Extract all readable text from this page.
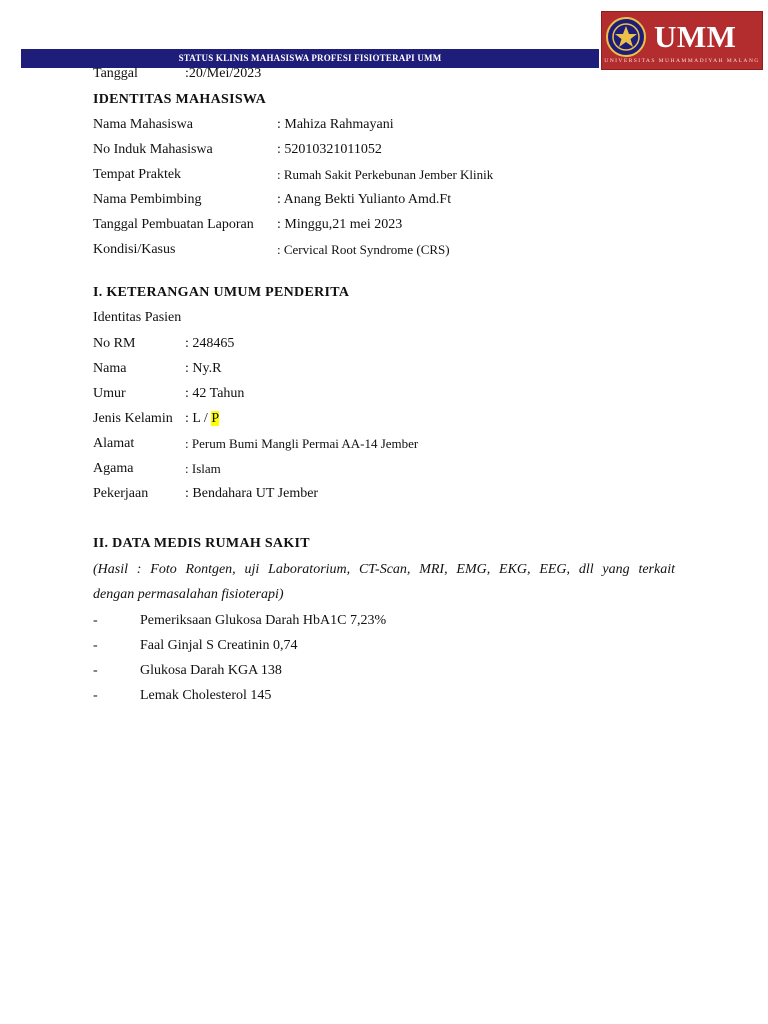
STATUS KLINIS MAHASISWA PROFESI FISIOTERAPI UMM
UMM
UNIVERSITAS MUHAMMADIYAH MALANG
Tanggal	:20/Mei/2023
IDENTITAS MAHASISWA
Nama Mahasiswa	: Mahiza Rahmayani
No Induk Mahasiswa	: 52010321011052
Tempat Praktek	: Rumah Sakit Perkebunan Jember Klinik
Nama Pembimbing	: Anang Bekti Yulianto Amd.Ft
Tanggal Pembuatan Laporan : Minggu,21 mei 2023
Kondisi/Kasus	: Cervical Root Syndrome (CRS)
I. KETERANGAN UMUM PENDERITA
Identitas Pasien
No RM	: 248465
Nama	: Ny.R
Umur	: 42 Tahun
Jenis Kelamin : L / P
Alamat	: Perum Bumi Mangli Permai AA-14 Jember
Agama	: Islam
Pekerjaan	: Bendahara UT Jember
II. DATA MEDIS RUMAH SAKIT
(Hasil : Foto Rontgen, uji Laboratorium, CT-Scan, MRI, EMG, EKG, EEG, dll yang terkait
dengan permasalahan fisioterapi)
-	Pemeriksaan Glukosa Darah HbA1C 7,23%
-	Faal Ginjal S Creatinin 0,74
-	Glukosa Darah KGA 138
-	Lemak Cholesterol 145
